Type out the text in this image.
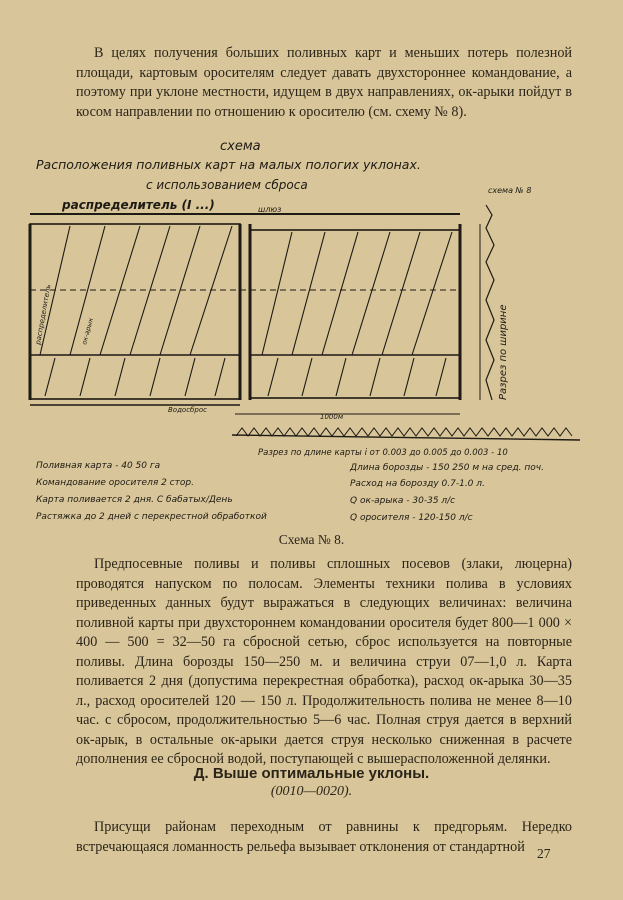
В целях получения больших поливных карт и меньших потерь полезной площади, картовым оросителям следует давать двухстороннее командование, а поэтому при уклоне местности, идущем в двух направлениях, ок-арыки пойдут в косом направлении по отношению к оросителю (см. схему № 8).

схема
Расположения поливных карт на малых пологих уклонах.
с использованием сброса	схема № 8
распределитель (I ...)	шлюз
1000м
Водосброс
Разрез по длине карты i от 0.003 до 0.005 до 0.003 - 10
Разрез по ширине
распределитель	ок-арык
Поливная карта - 40 50 га
Командование оросителя 2 стор.
Карта поливается 2 дня. С бабатых/День
Растяжка до 2 дней с перекрестной обработкой
Длина борозды - 150 250 м на сред. поч.
Расход на борозду 0.7-1.0 л.
Q ок-арыка - 30-35 л/с
Q оросителя - 120-150 л/с
Схема № 8.

Предпосевные поливы и поливы сплошных посевов (злаки, люцерна) проводятся напуском по полосам. Элементы техники полива в условиях приведенных данных будут выражаться в следующих величинах: величина поливной карты при двухстороннем командовании оросителя будет 800—1 000 × 400 — 500 = 32—50 га сбросной сетью, сброс используется на повторные поливы. Длина борозды 150—250 м. и величина струи 07—1,0 л. Карта поливается 2 дня (допустима перекрестная обработка), расход ок-арыка 30—35 л., расход оросителей 120 — 150 л. Продолжительность полива не менее 8—10 час. с сбросом, продолжительностью 5—6 час. Полная струя дается в верхний ок-арык, в остальные ок-арыки дается струя несколько сниженная в расчете дополнения ее сбросной водой, поступающей с вышерасположенной делянки.

Д. Выше оптимальные уклоны.
(0010—0020).

Присущи районам переходным от равнины к предгорьям. Нередко встречающаяся ломанность рельефа вызывает отклонения от стандартной 27
